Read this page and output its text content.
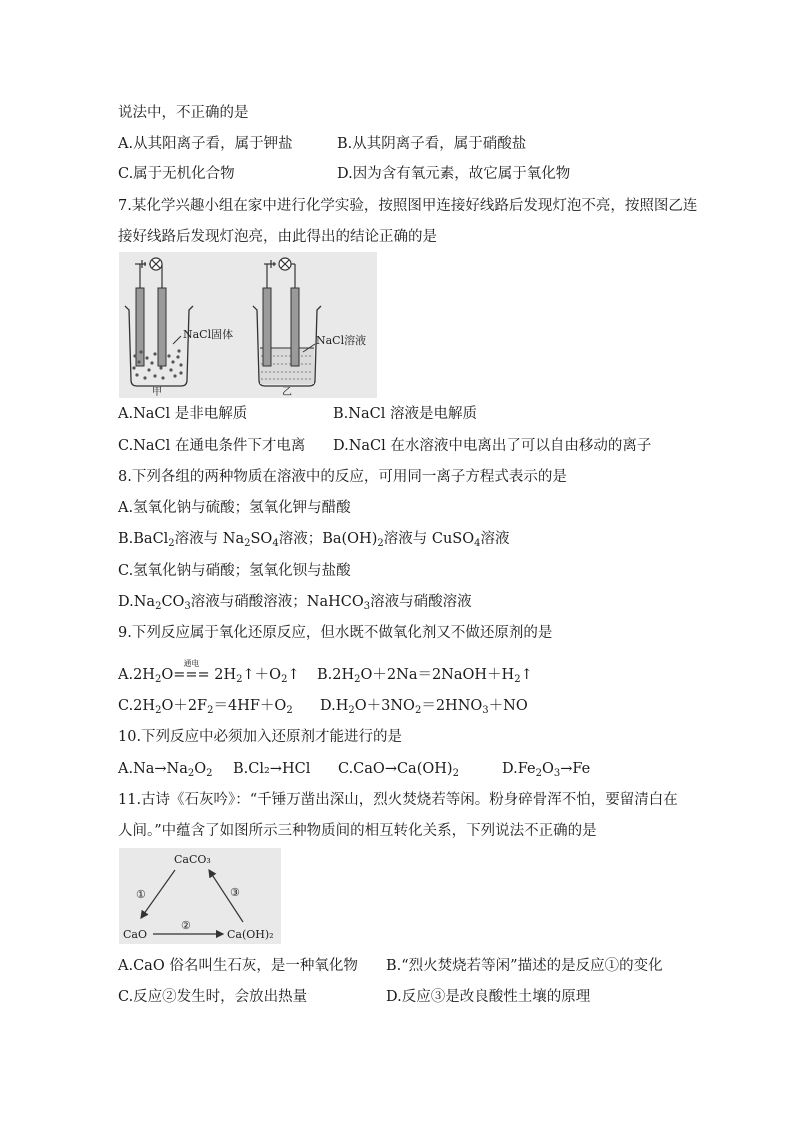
说法中，不正确的是
A.从其阳离子看，属于钾盐	B.从其阴离子看，属于硝酸盐
C.属于无机化合物	D.因为含有氧元素，故它属于氧化物
7.某化学兴趣小组在家中进行化学实验，按照图甲连接好线路后发现灯泡不亮，按照图乙连
接好线路后发现灯泡亮，由此得出的结论正确的是
NaCl固体
甲
NaCl溶液
乙
A.NaCl 是非电解质	B.NaCl 溶液是电解质
C.NaCl 在通电条件下才电离 D.NaCl 在水溶液中电离出了可以自由移动的离子
8.下列各组的两种物质在溶液中的反应，可用同一离子方程式表示的是
A.氢氧化钠与硫酸；氢氧化钾与醋酸
B.BaCl$_2$溶液与 $Na_2SO_4$溶液；$Ba(OH)_2$溶液与 CuSO$_4$溶液
C.氢氧化钠与硝酸；氢氧化钡与盐酸
$D.Na_2CO_3$溶液与硝酸溶液；NaHCO$_3$溶液与硝酸溶液
9.下列反应属于氧化还原反应，但水既不做氧化剂又不做还原剂的是
$A.2H_2O$
通电
=== $2H_2↑+O_2↑$ $B.2H_2O+2Na=2NaOH+H_2↑$
$C.2H_2O+2F_2=4HF+O_2$ $D.H_2O+3NO_2=2HNO_3+NO$
10.下列反应中必须加入还原剂才能进行的是
$A.Na\to Na_2O_2$ B.Cl₂→HCl $C.CaO\to Ca(OH)_2$	$D.Fe_2O_3\to Fe$
11.古诗《石灰吟》：“千锤万凿出深山，烈火焚烧若等闲。粉身碎骨浑不怕，要留清白在
人间。”中蕴含了如图所示三种物质间的相互转化关系，下列说法不正确的是
CaCO₃
CaO	Ca(OH)₂
①
②
③
A.CaO 俗名叫生石灰，是一种氧化物 B.“烈火焚烧若等闲”描述的是反应①的变化
C.反应②发生时，会放出热量	D.反应③是改良酸性土壤的原理
